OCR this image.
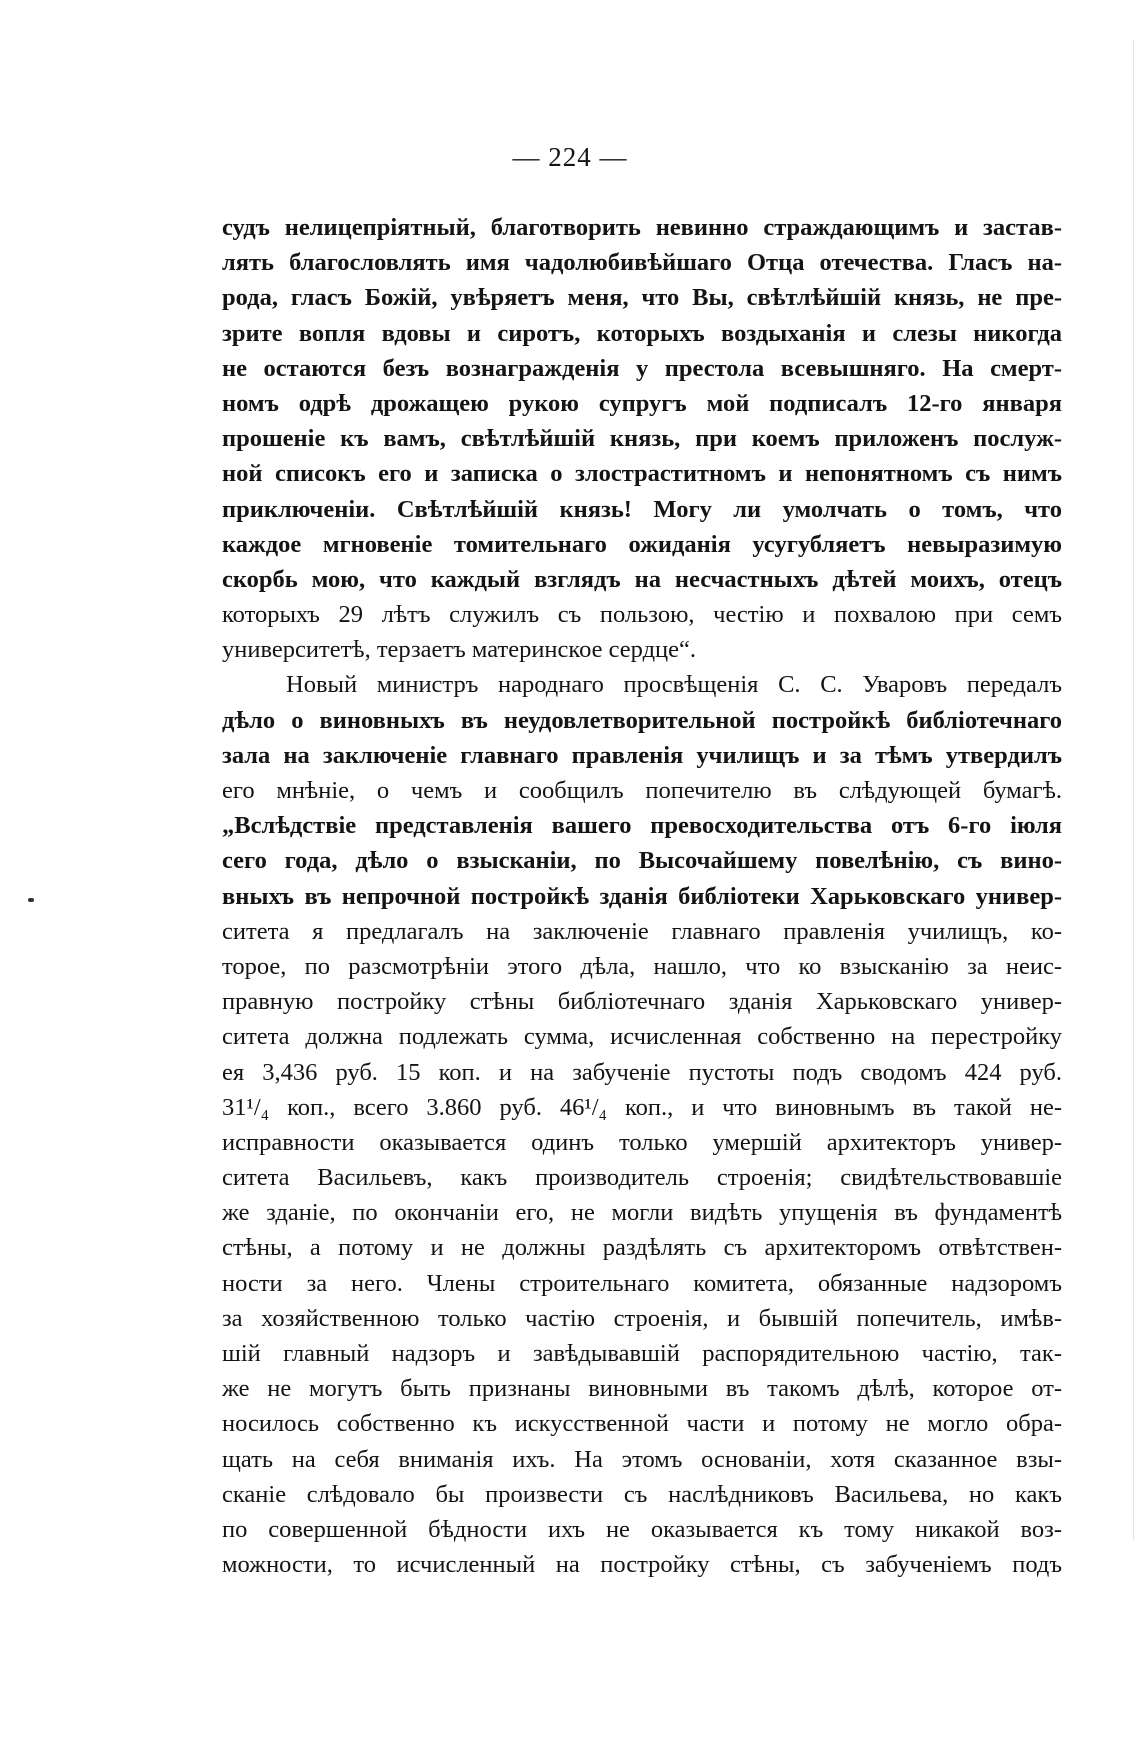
— 224 —
судъ нелицепріятный, благотворить невинно страждающимъ и застав-
лять благословлять имя чадолюбивѣйшаго Отца отечества. Гласъ на-
рода, гласъ Божій, увѣряетъ меня, что Вы, свѣтлѣйшій князь, не пре-
зрите вопля вдовы и сиротъ, которыхъ воздыханія и слезы никогда
не остаются безъ вознагражденія у престола всевышняго. На смерт-
номъ одрѣ дрожащею рукою супругъ мой подписалъ 12-го января
прошеніе къ вамъ, свѣтлѣйшій князь, при коемъ приложенъ послуж-
ной списокъ его и записка о злостраститномъ и непонятномъ съ нимъ
приключеніи. Свѣтлѣйшій князь! Могу ли умолчать о томъ, что
каждое мгновеніе томительнаго ожиданія усугубляетъ невыразимую
скорбь мою, что каждый взглядъ на несчастныхъ дѣтей моихъ, отецъ
которыхъ 29 лѣтъ служилъ съ пользою, честію и похвалою при семъ
университетѣ, терзаетъ материнское сердце“.
Новый министръ народнаго просвѣщенія С. С. Уваровъ передалъ
дѣло о виновныхъ въ неудовлетворительной постройкѣ библіотечнаго
зала на заключеніе главнаго правленія училищъ и за тѣмъ утвердилъ
его мнѣніе, о чемъ и сообщилъ попечителю въ слѣдующей бумагѣ.
„Вслѣдствіе представленія вашего превосходительства отъ 6-го іюля
сего года, дѣло о взысканіи, по Высочайшему повелѣнію, съ вино-
вныхъ въ непрочной постройкѣ зданія библіотеки Харьковскаго универ-
ситета я предлагалъ на заключеніе главнаго правленія училищъ, ко-
торое, по разсмотрѣніи этого дѣла, нашло, что ко взысканію за неис-
правную постройку стѣны библіотечнаго зданія Харьковскаго универ-
ситета должна подлежать сумма, исчисленная собственно на перестройку
ея 3,436 руб. 15 коп. и на забученіе пустоты подъ сводомъ 424 руб.
31¹/₄ коп., всего 3.860 руб. 46¹/₄ коп., и что виновнымъ въ такой не-
исправности оказывается одинъ только умершій архитекторъ универ-
ситета Васильевъ, какъ производитель строенія; свидѣтельствовавшіе
же зданіе, по окончаніи его, не могли видѣть упущенія въ фундаментѣ
стѣны, а потому и не должны раздѣлять съ архитекторомъ отвѣтствен-
ности за него. Члены строительнаго комитета, обязанные надзоромъ
за хозяйственною только частію строенія, и бывшій попечитель, имѣв-
шій главный надзоръ и завѣдывавшій распорядительною частію, так-
же не могутъ быть признаны виновными въ такомъ дѣлѣ, которое от-
носилось собственно къ искусственной части и потому не могло обра-
щать на себя вниманія ихъ. На этомъ основаніи, хотя сказанное взы-
сканіе слѣдовало бы произвести съ наслѣдниковъ Васильева, но какъ
по совершенной бѣдности ихъ не оказывается къ тому никакой воз-
можности, то исчисленный на постройку стѣны, съ забученіемъ подъ
